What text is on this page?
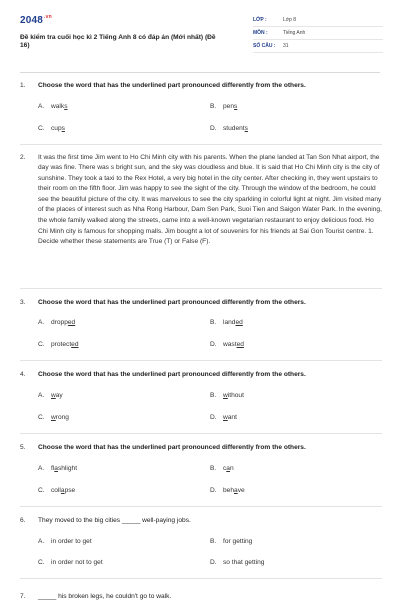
$2048^{.vn}$
Đề kiểm tra cuối học kì 2 Tiếng Anh 8 có đáp án (Mới nhất) (Đề 16)
LỚP :	Lớp 8
MÔN :	Tiếng Anh
SỐ CÂU :	31
1. Choose the word that has the underlined part pronounced differently from the others.
A.	walks	B.	pens
C. cups	D. students
2. It was the first time Jim went to Ho Chi Minh city with his parents. When the plane landed at Tan Son Nhat airport, the day was fine. There was s bright sun, and the sky was cloudless and blue. It is said that Ho Chi Minh city is the city of sunshine. They took a taxi to the Rex Hotel, a very big hotel in the city center. After checking in, they went upstairs to their room on the fifth floor. Jim was happy to see the sight of the city. Through the window of the bedroom, he could see the beautiful picture of the city. It was marvelous to see the city sparkling in colorful light at night. Jim visited many of the places of interest such as Nha Rong Harbour, Dam Sen Park, Suoi Tien and Saigon Water Park. In the evening, the whole family walked along the streets, came into a well-known vegetarian restaurant to enjoy delicious food. Ho Chi Minh city is famous for shopping malls. Jim bought a lot of souvenirs for his friends at Sai Gon Tourist centre. 1. Decide whether these statements are True (T) or False (F).
3. Choose the word that has the underlined part pronounced differently from the others.
A.	dropped	B.	landed
C. protected	D. wasted
4. Choose the word that has the underlined part pronounced differently from the others.
A.	way	B.	without
C. wrong	D. want
5. Choose the word that has the underlined part pronounced differently from the others.
A.	flashlight	B.	can
C. collapse	D. behave
6. They moved to the big cities _____ well-paying jobs.
A.	in order to get	B.	for getting
C. in order not to get	D. so that getting
7. _____ his broken legs, he couldn't go to walk.
